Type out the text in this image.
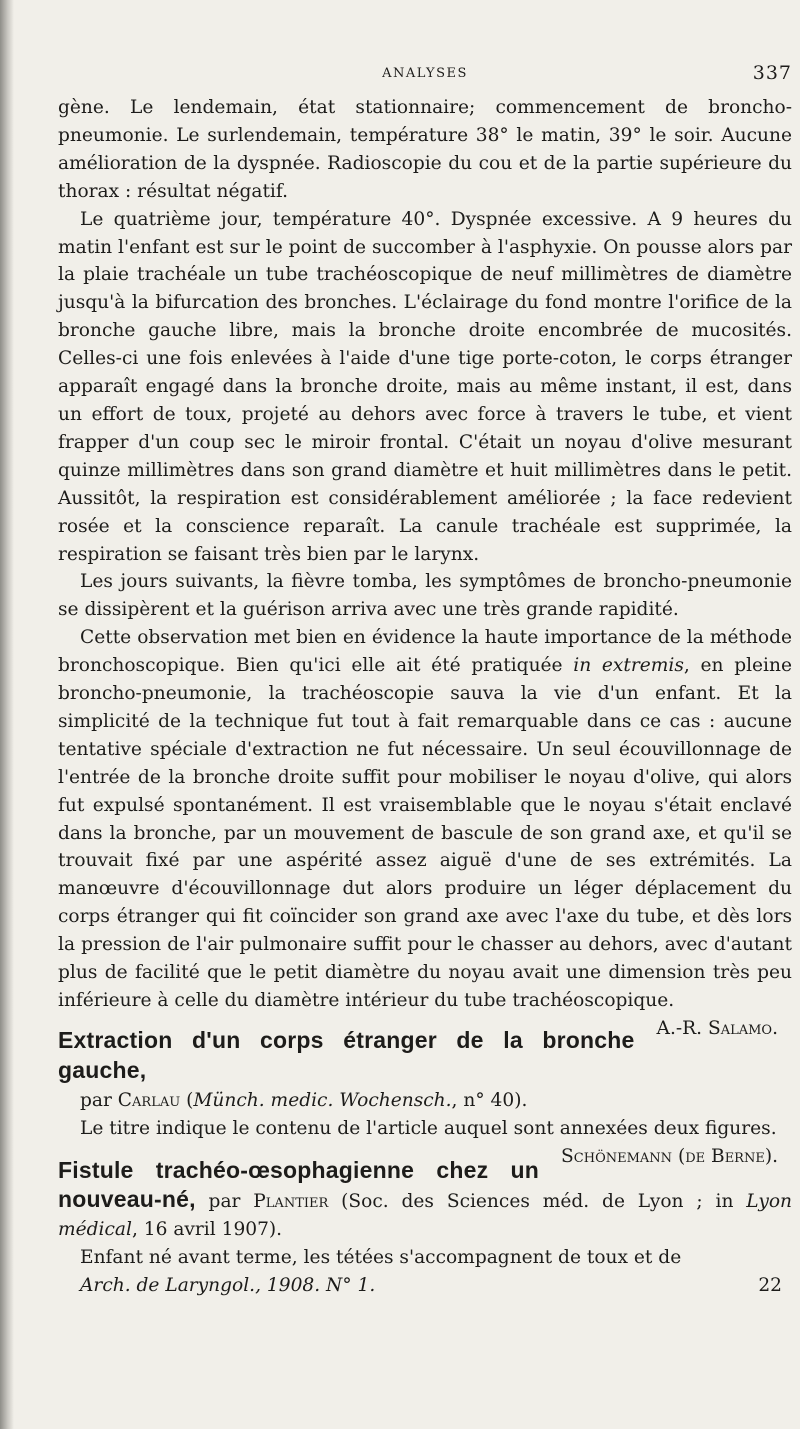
ANALYSES	337

gène. Le lendemain, état stationnaire; commencement de broncho-pneumonie. Le surlendemain, température 38° le matin, 39° le soir. Aucune amélioration de la dyspnée. Radioscopie du cou et de la partie supérieure du thorax : résultat négatif.

Le quatrième jour, température 40°. Dyspnée excessive. A 9 heures du matin l'enfant est sur le point de succomber à l'asphyxie. On pousse alors par la plaie trachéale un tube trachéoscopique de neuf millimètres de diamètre jusqu'à la bifurcation des bronches. L'éclairage du fond montre l'orifice de la bronche gauche libre, mais la bronche droite encombrée de mucosités. Celles-ci une fois enlevées à l'aide d'une tige porte-coton, le corps étranger apparaît engagé dans la bronche droite, mais au même instant, il est, dans un effort de toux, projeté au dehors avec force à travers le tube, et vient frapper d'un coup sec le miroir frontal. C'était un noyau d'olive mesurant quinze millimètres dans son grand diamètre et huit millimètres dans le petit. Aussitôt, la respiration est considérablement améliorée ; la face redevient rosée et la conscience reparaît. La canule trachéale est supprimée, la respiration se faisant très bien par le larynx.

Les jours suivants, la fièvre tomba, les symptômes de broncho-pneumonie se dissipèrent et la guérison arriva avec une très grande rapidité.

Cette observation met bien en évidence la haute importance de la méthode bronchoscopique. Bien qu'ici elle ait été pratiquée in extremis, en pleine broncho-pneumonie, la trachéoscopie sauva la vie d'un enfant. Et la simplicité de la technique fut tout à fait remarquable dans ce cas : aucune tentative spéciale d'extraction ne fut nécessaire. Un seul écouvillonnage de l'entrée de la bronche droite suffit pour mobiliser le noyau d'olive, qui alors fut expulsé spontanément. Il est vraisemblable que le noyau s'était enclavé dans la bronche, par un mouvement de bascule de son grand axe, et qu'il se trouvait fixé par une aspérité assez aiguë d'une de ses extrémités. La manœuvre d'écouvillonnage dut alors produire un léger déplacement du corps étranger qui fit coïncider son grand axe avec l'axe du tube, et dès lors la pression de l'air pulmonaire suffit pour le chasser au dehors, avec d'autant plus de facilité que le petit diamètre du noyau avait une dimension très peu inférieure à celle du diamètre intérieur du tube trachéoscopique.
A.-R. Salamo.

Extraction d'un corps étranger de la bronche gauche,

par Carlau (Münch. medic. Wochensch., n° 40).

Le titre indique le contenu de l'article auquel sont annexées deux figures.
Schönemann (de Berne).

Fistule trachéo-œsophagienne chez un nouveau-né, par Plantier (Soc. des Sciences méd. de Lyon ; in Lyon médical, 16 avril 1907).

Enfant né avant terme, les tétées s'accompagnent de toux et de

Arch. de Laryngol., 1908. N° 1.	22
